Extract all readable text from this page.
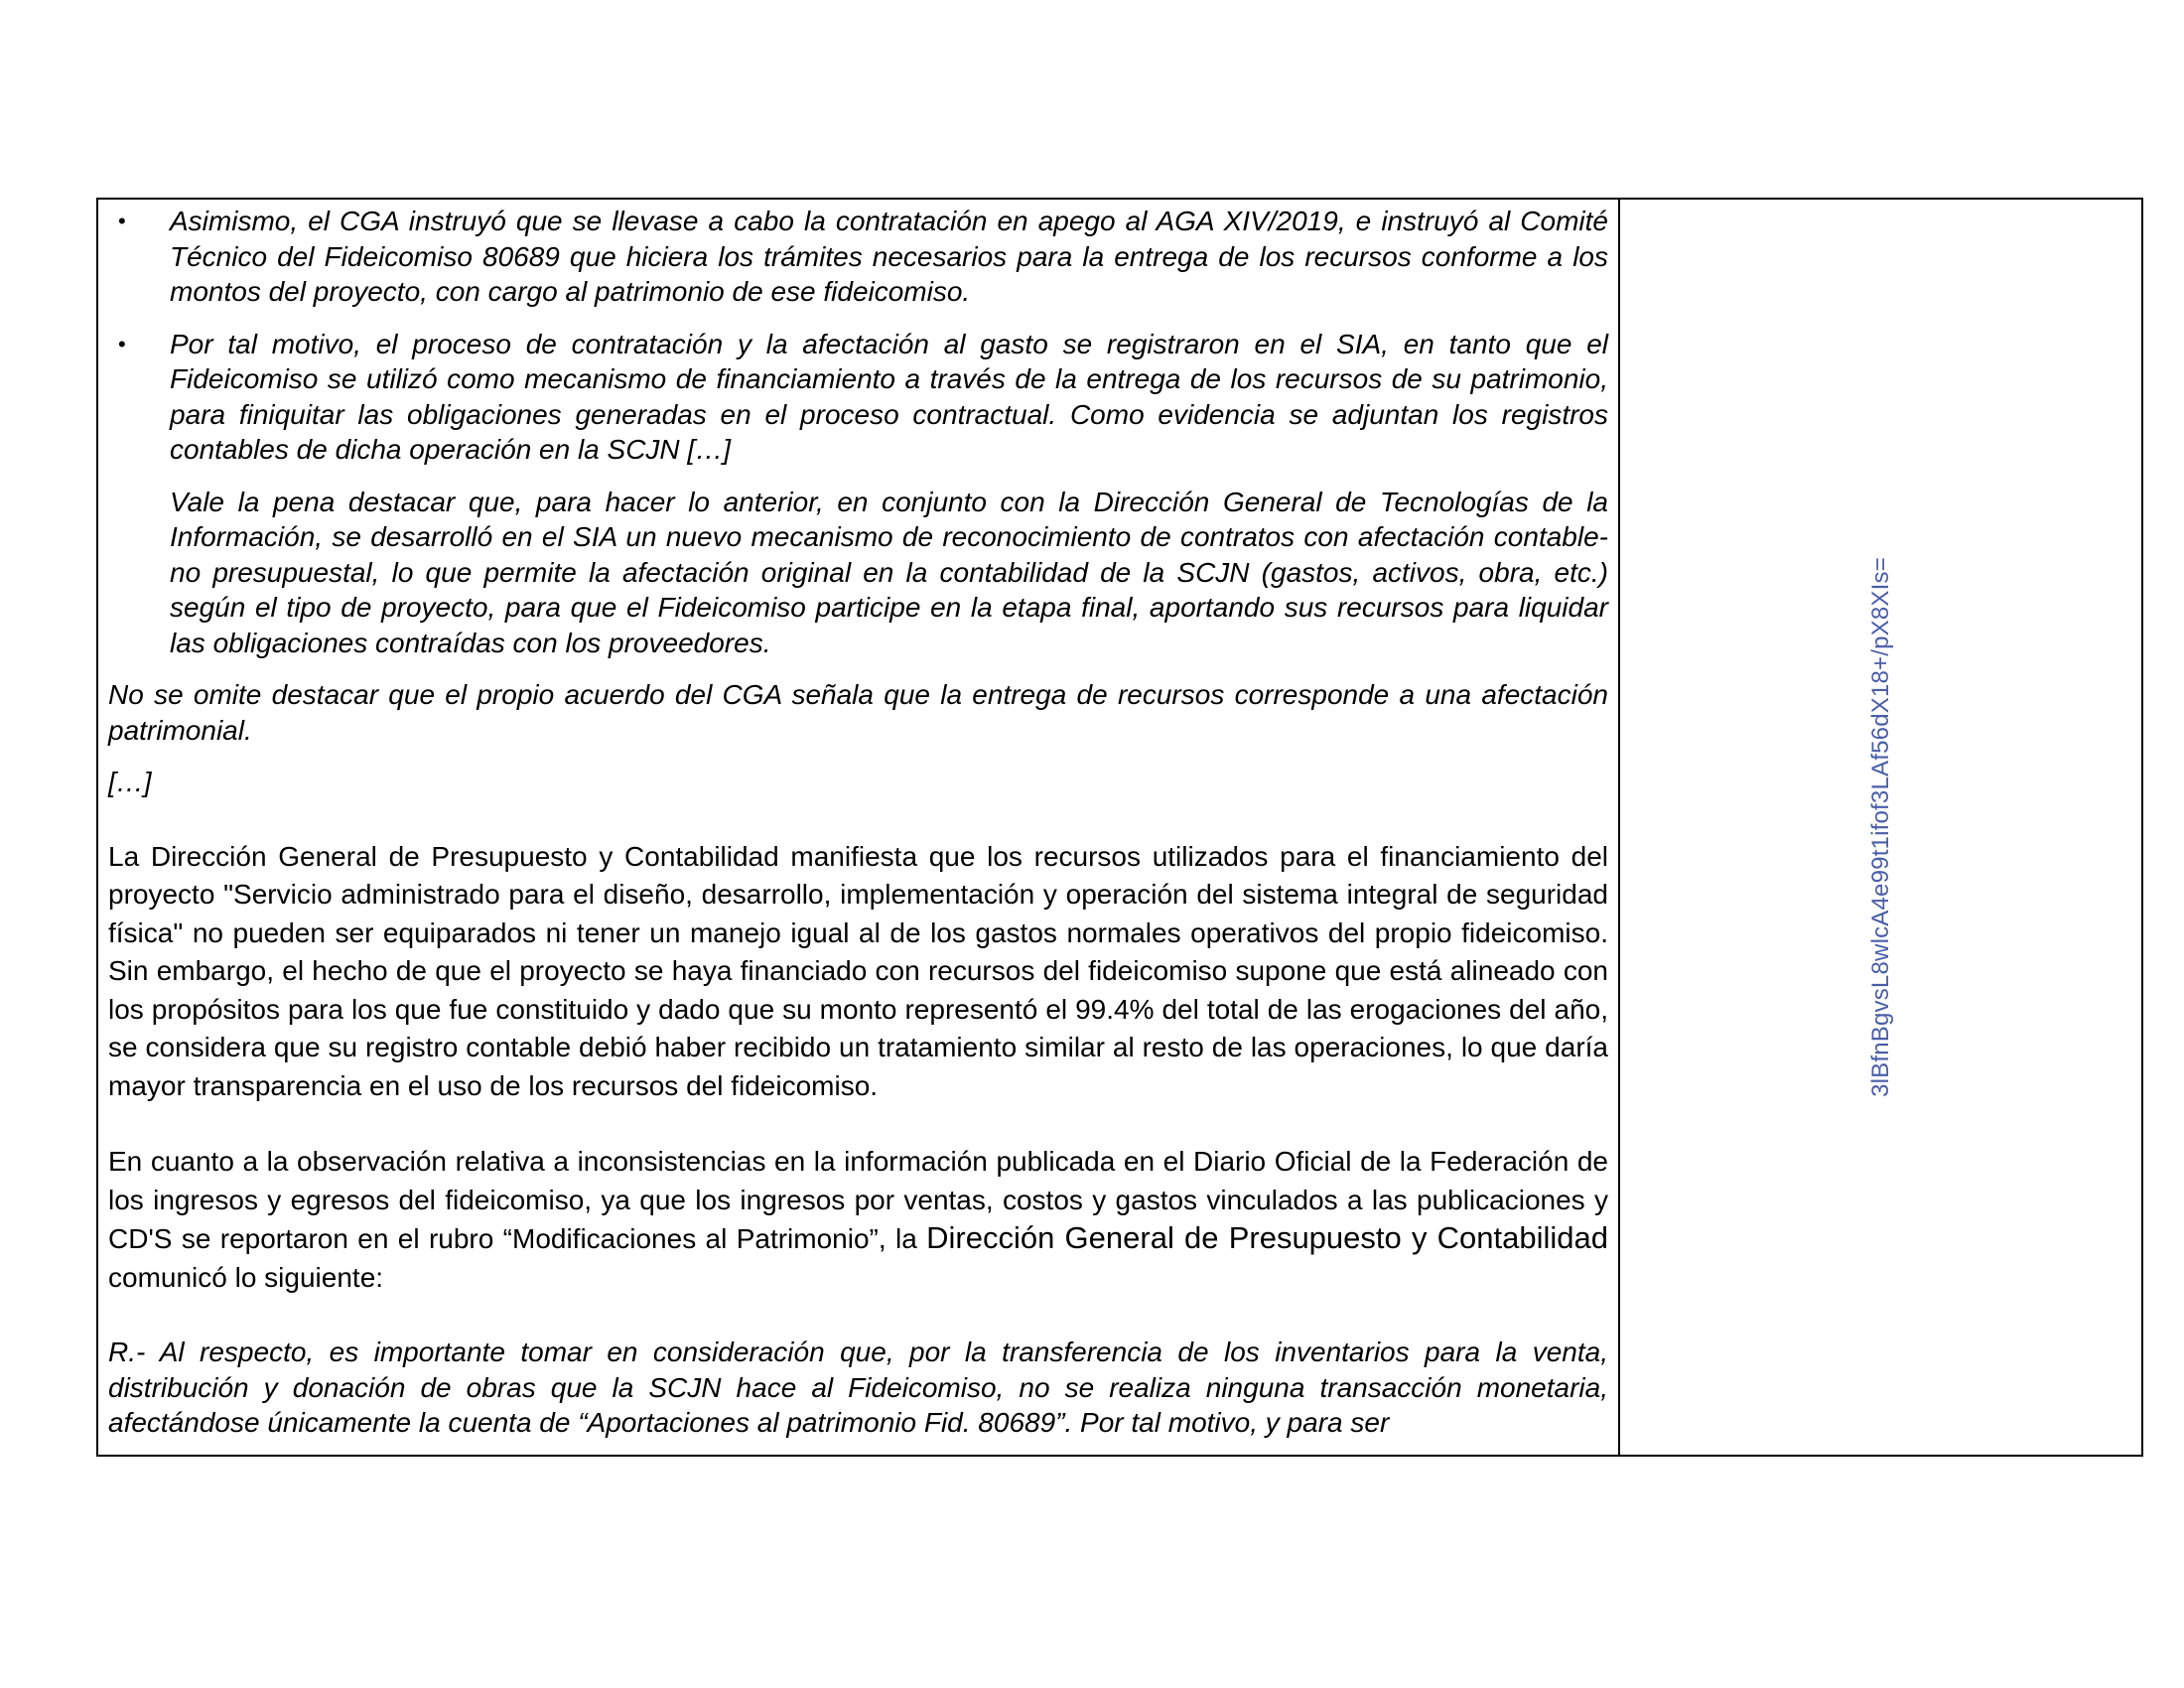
•	Asimismo, el CGA instruyó que se llevase a cabo la contratación en apego al AGA XIV/2019, e instruyó al Comité Técnico del Fideicomiso 80689 que hiciera los trámites necesarios para la entrega de los recursos conforme a los montos del proyecto, con cargo al patrimonio de ese fideicomiso.

•	Por tal motivo, el proceso de contratación y la afectación al gasto se registraron en el SIA, en tanto que el Fideicomiso se utilizó como mecanismo de financiamiento a través de la entrega de los recursos de su patrimonio, para finiquitar las obligaciones generadas en el proceso contractual. Como evidencia se adjuntan los registros contables de dicha operación en la SCJN […]

Vale la pena destacar que, para hacer lo anterior, en conjunto con la Dirección General de Tecnologías de la Información, se desarrolló en el SIA un nuevo mecanismo de reconocimiento de contratos con afectación contable-no presupuestal, lo que permite la afectación original en la contabilidad de la SCJN (gastos, activos, obra, etc.) según el tipo de proyecto, para que el Fideicomiso participe en la etapa final, aportando sus recursos para liquidar las obligaciones contraídas con los proveedores.

No se omite destacar que el propio acuerdo del CGA señala que la entrega de recursos corresponde a una afectación patrimonial.

[…]

La Dirección General de Presupuesto y Contabilidad manifiesta que los recursos utilizados para el financiamiento del proyecto "Servicio administrado para el diseño, desarrollo, implementación y operación del sistema integral de seguridad física" no pueden ser equiparados ni tener un manejo igual al de los gastos normales operativos del propio fideicomiso. Sin embargo, el hecho de que el proyecto se haya financiado con recursos del fideicomiso supone que está alineado con los propósitos para los que fue constituido y dado que su monto representó el 99.4% del total de las erogaciones del año, se considera que su registro contable debió haber recibido un tratamiento similar al resto de las operaciones, lo que daría mayor transparencia en el uso de los recursos del fideicomiso.

En cuanto a la observación relativa a inconsistencias en la información publicada en el Diario Oficial de la Federación de los ingresos y egresos del fideicomiso, ya que los ingresos por ventas, costos y gastos vinculados a las publicaciones y CD'S se reportaron en el rubro “Modificaciones al Patrimonio”, la Dirección General de Presupuesto y Contabilidad comunicó lo siguiente:

R.- Al respecto, es importante tomar en consideración que, por la transferencia de los inventarios para la venta, distribución y donación de obras que la SCJN hace al Fideicomiso, no se realiza ninguna transacción monetaria, afectándose únicamente la cuenta de “Aportaciones al patrimonio Fid. 80689”. Por tal motivo, y para ser

3lBfnBgvsL8wlcA4e99t1ifof3LAf56dX18+/pX8XIs=
